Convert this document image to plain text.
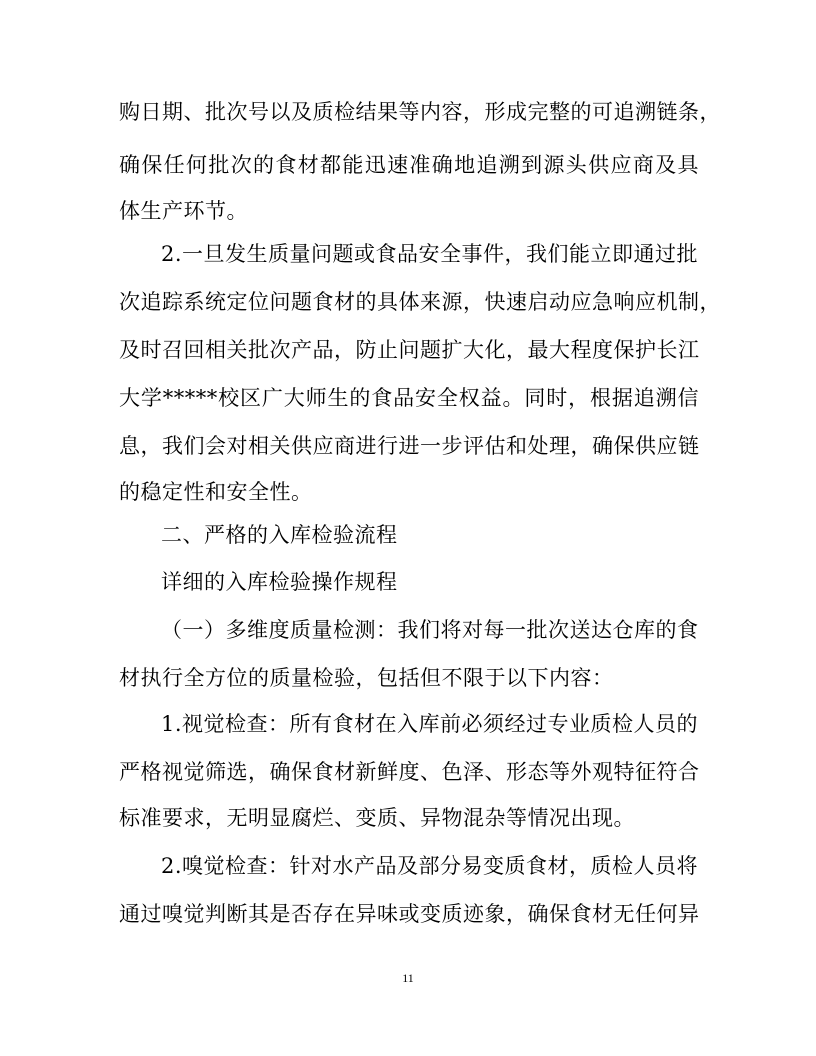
购日期、批次号以及质检结果等内容，形成完整的可追溯链条，
确保任何批次的食材都能迅速准确地追溯到源头供应商及具
体生产环节。
2.一旦发生质量问题或食品安全事件，我们能立即通过批
次追踪系统定位问题食材的具体来源，快速启动应急响应机制，
及时召回相关批次产品，防止问题扩大化，最大程度保护长江
大学*****校区广大师生的食品安全权益。同时，根据追溯信
息，我们会对相关供应商进行进一步评估和处理，确保供应链
的稳定性和安全性。
二、严格的入库检验流程
详细的入库检验操作规程
（一）多维度质量检测：我们将对每一批次送达仓库的食
材执行全方位的质量检验，包括但不限于以下内容：
1.视觉检查：所有食材在入库前必须经过专业质检人员的
严格视觉筛选，确保食材新鲜度、色泽、形态等外观特征符合
标准要求，无明显腐烂、变质、异物混杂等情况出现。
2.嗅觉检查：针对水产品及部分易变质食材，质检人员将
通过嗅觉判断其是否存在异味或变质迹象，确保食材无任何异
11
